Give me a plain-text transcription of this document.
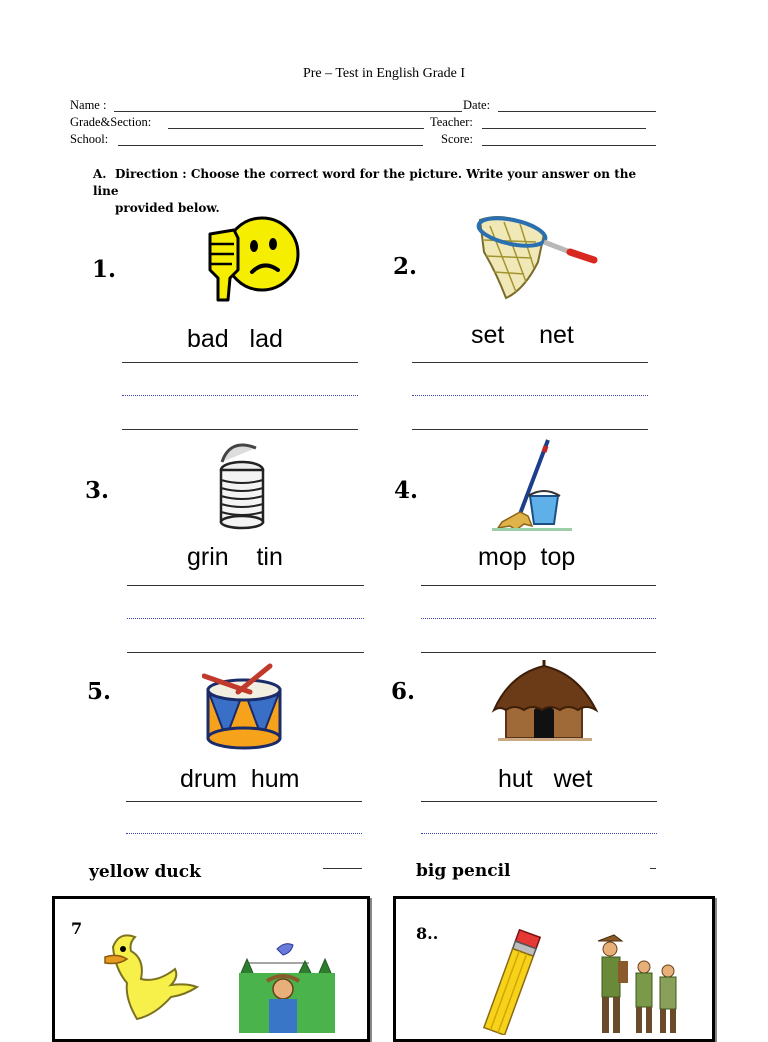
Pre – Test in English Grade I
Name :	Date:
Grade&Section:	Teacher:
School:	Score:
A. Direction : Choose the correct word for the picture. Write your answer on the line
provided below.
1.
bad   lad
2.
set     net
3.
grin    tin
4.
mop  top
5.
drum  hum
6.
hut   wet
yellow duck	big pencil
7	8..
